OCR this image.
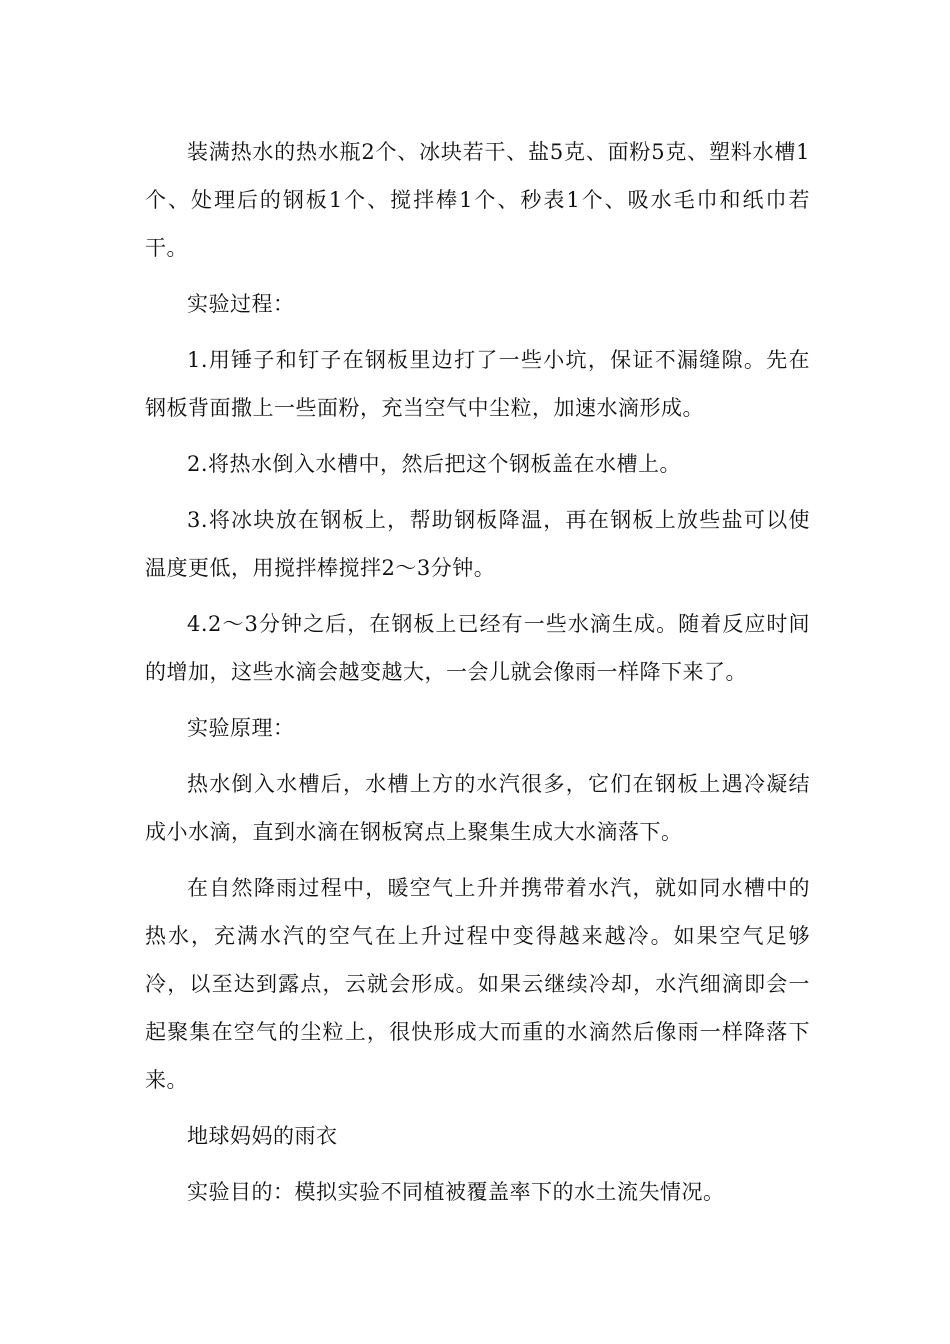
装满热水的热水瓶2个、冰块若干、盐5克、面粉5克、塑料水槽1个、处理后的钢板1个、搅拌棒1个、秒表1个、吸水毛巾和纸巾若干。

实验过程：

1.用锤子和钉子在钢板里边打了一些小坑，保证不漏缝隙。先在钢板背面撒上一些面粉，充当空气中尘粒，加速水滴形成。

2.将热水倒入水槽中，然后把这个钢板盖在水槽上。

3.将冰块放在钢板上，帮助钢板降温，再在钢板上放些盐可以使温度更低，用搅拌棒搅拌2～3分钟。

4.2～3分钟之后，在钢板上已经有一些水滴生成。随着反应时间的增加，这些水滴会越变越大，一会儿就会像雨一样降下来了。

实验原理：

热水倒入水槽后，水槽上方的水汽很多，它们在钢板上遇冷凝结成小水滴，直到水滴在钢板窝点上聚集生成大水滴落下。

在自然降雨过程中，暖空气上升并携带着水汽，就如同水槽中的热水，充满水汽的空气在上升过程中变得越来越冷。如果空气足够冷，以至达到露点，云就会形成。如果云继续冷却，水汽细滴即会一起聚集在空气的尘粒上，很快形成大而重的水滴然后像雨一样降落下来。

地球妈妈的雨衣

实验目的：模拟实验不同植被覆盖率下的水土流失情况。
